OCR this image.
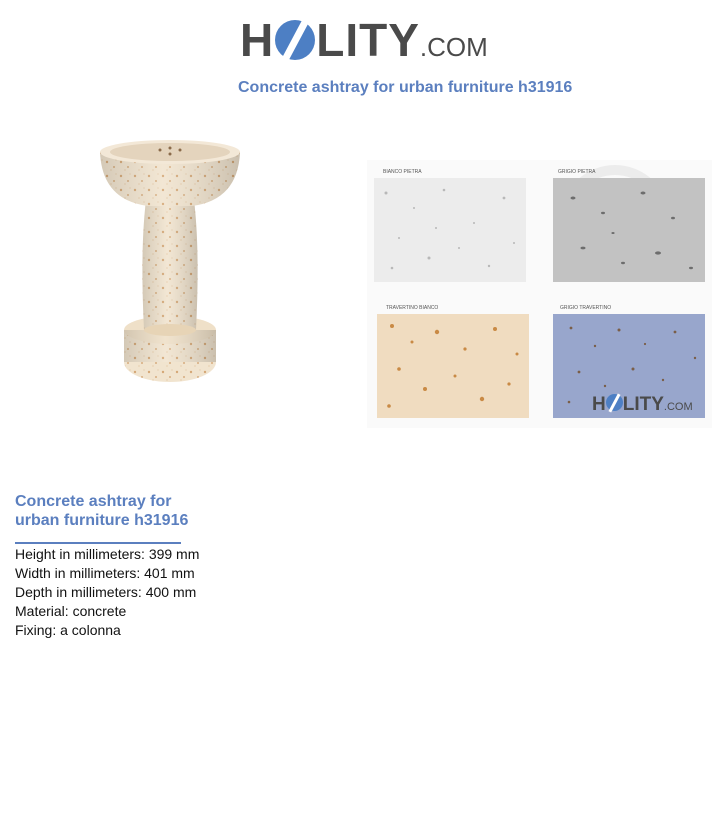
H LITY.COM
Concrete ashtray for urban furniture h31916
BIANCO PIETRA	GRIGIO PIETRA
TRAVERTINO BIANCO	GRIGIO TRAVERTINO
H LITY.COM
Concrete ashtray for urban furniture h31916
Height in millimeters: 399 mm
Width in millimeters: 401 mm
Depth in millimeters: 400 mm
Material: concrete
Fixing: a colonna
